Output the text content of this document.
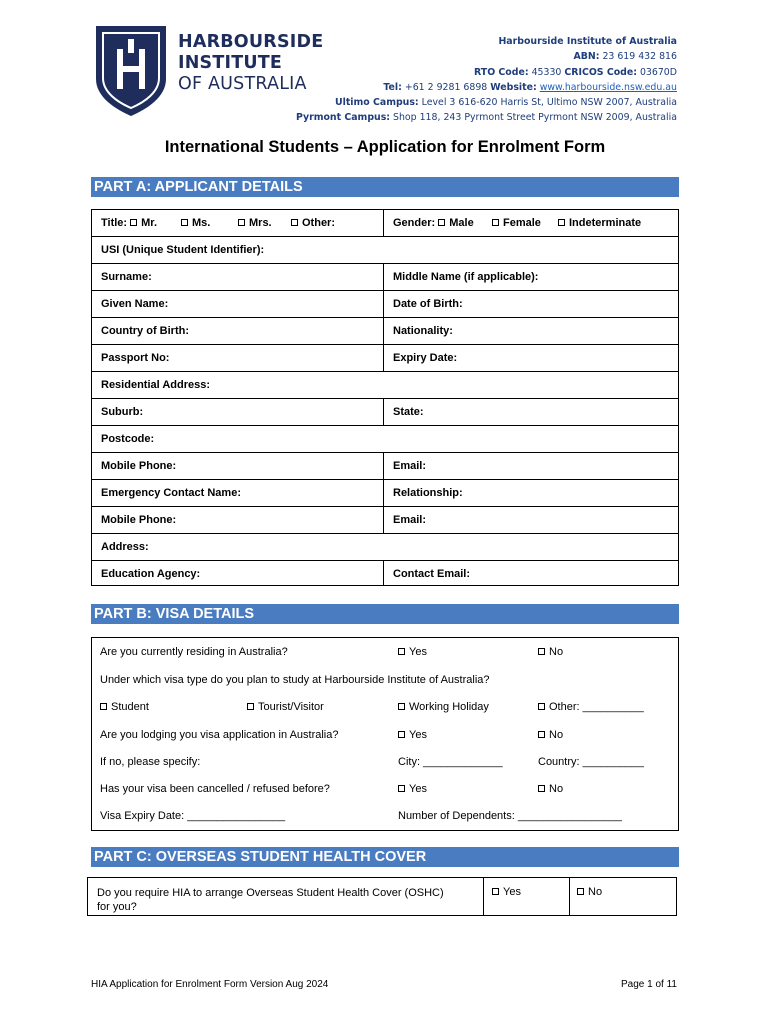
HARBOURSIDE
INSTITUTE
OF AUSTRALIA
Harbourside Institute of Australia
ABN: 23 619 432 816
RTO Code: 45330 CRICOS Code: 03670D
Tel: +61 2 9281 6898 Website: www.harbourside.nsw.edu.au
Ultimo Campus: Level 3 616-620 Harris St, Ultimo NSW 2007, Australia
Pyrmont Campus: Shop 118, 243 Pyrmont Street Pyrmont NSW 2009, Australia
International Students – Application for Enrolment Form
PART A: APPLICANT DETAILS
Title: Mr.	Ms.	Mrs.	Other:	Gender: Male	Female	Indeterminate
USI (Unique Student Identifier):
Surname:	Middle Name (if applicable):
Given Name:	Date of Birth:
Country of Birth:	Nationality:
Passport No:	Expiry Date:
Residential Address:
Suburb:	State:
Postcode:
Mobile Phone:	Email:
Emergency Contact Name:	Relationship:
Mobile Phone:	Email:
Address:
Education Agency:	Contact Email:
PART B: VISA DETAILS
Are you currently residing in Australia?	Yes	No
Under which visa type do you plan to study at Harbourside Institute of Australia?
Student	Tourist/Visitor	Working Holiday	Other: __________
Are you lodging you visa application in Australia?	Yes	No
If no, please specify:	City: _____________	Country: __________
Has your visa been cancelled / refused before?	Yes	No
Visa Expiry Date: ________________	Number of Dependents: _________________
PART C: OVERSEAS STUDENT HEALTH COVER
Do you require HIA to arrange Overseas Student Health Cover (OSHC)
for you?
Yes	No
HIA Application for Enrolment Form Version Aug 2024	Page 1 of 11
